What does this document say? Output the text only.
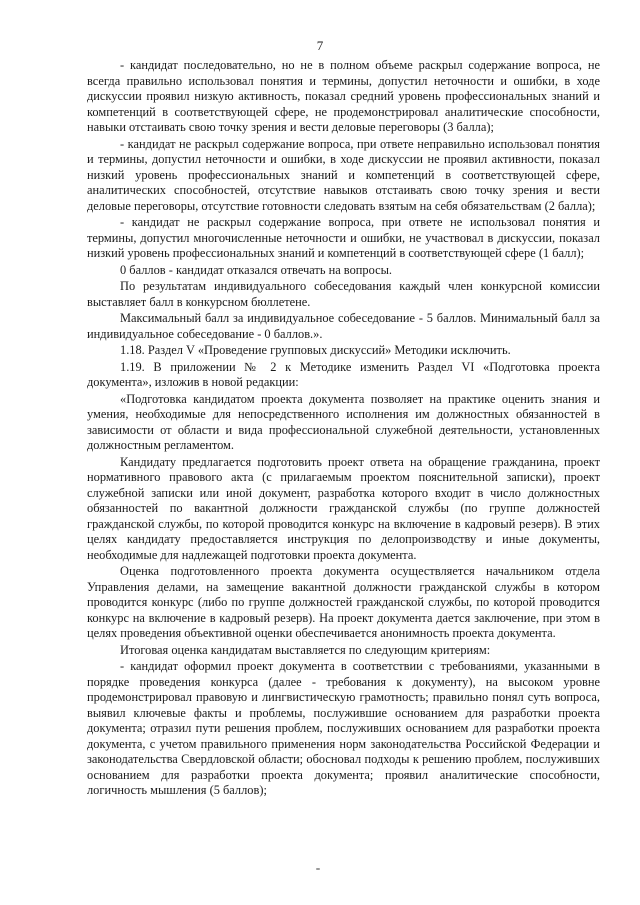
7

- кандидат последовательно, но не в полном объеме раскрыл содержание вопроса, не всегда правильно использовал понятия и термины, допустил неточности и ошибки, в ходе дискуссии проявил низкую активность, показал средний уровень профессиональных знаний и компетенций в соответствующей сфере, не продемонстрировал аналитические способности, навыки отстаивать свою точку зрения и вести деловые переговоры (3 балла);

- кандидат не раскрыл содержание вопроса, при ответе неправильно использовал понятия и термины, допустил неточности и ошибки, в ходе дискуссии не проявил активности, показал низкий уровень профессиональных знаний и компетенций в соответствующей сфере, аналитических способностей, отсутствие навыков отстаивать свою точку зрения и вести деловые переговоры, отсутствие готовности следовать взятым на себя обязательствам (2 балла);

- кандидат не раскрыл содержание вопроса, при ответе не использовал понятия и термины, допустил многочисленные неточности и ошибки, не участвовал в дискуссии, показал низкий уровень профессиональных знаний и компетенций в соответствующей сфере (1 балл);

0 баллов - кандидат отказался отвечать на вопросы.

По результатам индивидуального собеседования каждый член конкурсной комиссии выставляет балл в конкурсном бюллетене.

Максимальный балл за индивидуальное собеседование - 5 баллов. Минимальный балл за индивидуальное собеседование - 0 баллов.».

1.18. Раздел V «Проведение групповых дискуссий» Методики исключить.

1.19. В приложении № 2 к Методике изменить Раздел VI «Подготовка проекта документа», изложив в новой редакции:

«Подготовка кандидатом проекта документа позволяет на практике оценить знания и умения, необходимые для непосредственного исполнения им должностных обязанностей в зависимости от области и вида профессиональной служебной деятельности, установленных должностным регламентом.

Кандидату предлагается подготовить проект ответа на обращение гражданина, проект нормативного правового акта (с прилагаемым проектом пояснительной записки), проект служебной записки или иной документ, разработка которого входит в число должностных обязанностей по вакантной должности гражданской службы (по группе должностей гражданской службы, по которой проводится конкурс на включение в кадровый резерв). В этих целях кандидату предоставляется инструкция по делопроизводству и иные документы, необходимые для надлежащей подготовки проекта документа.

Оценка подготовленного проекта документа осуществляется начальником отдела Управления делами, на замещение вакантной должности гражданской службы в котором проводится конкурс (либо по группе должностей гражданской службы, по которой проводится конкурс на включение в кадровый резерв). На проект документа дается заключение, при этом в целях проведения объективной оценки обеспечивается анонимность проекта документа.

Итоговая оценка кандидатам выставляется по следующим критериям:

- кандидат оформил проект документа в соответствии с требованиями, указанными в порядке проведения конкурса (далее - требования к документу), на высоком уровне продемонстрировал правовую и лингвистическую грамотность; правильно понял суть вопроса, выявил ключевые факты и проблемы, послужившие основанием для разработки проекта документа; отразил пути решения проблем, послуживших основанием для разработки проекта документа, с учетом правильного применения норм законодательства Российской Федерации и законодательства Свердловской области; обосновал подходы к решению проблем, послуживших основанием для разработки проекта документа; проявил аналитические способности, логичность мышления (5 баллов);
